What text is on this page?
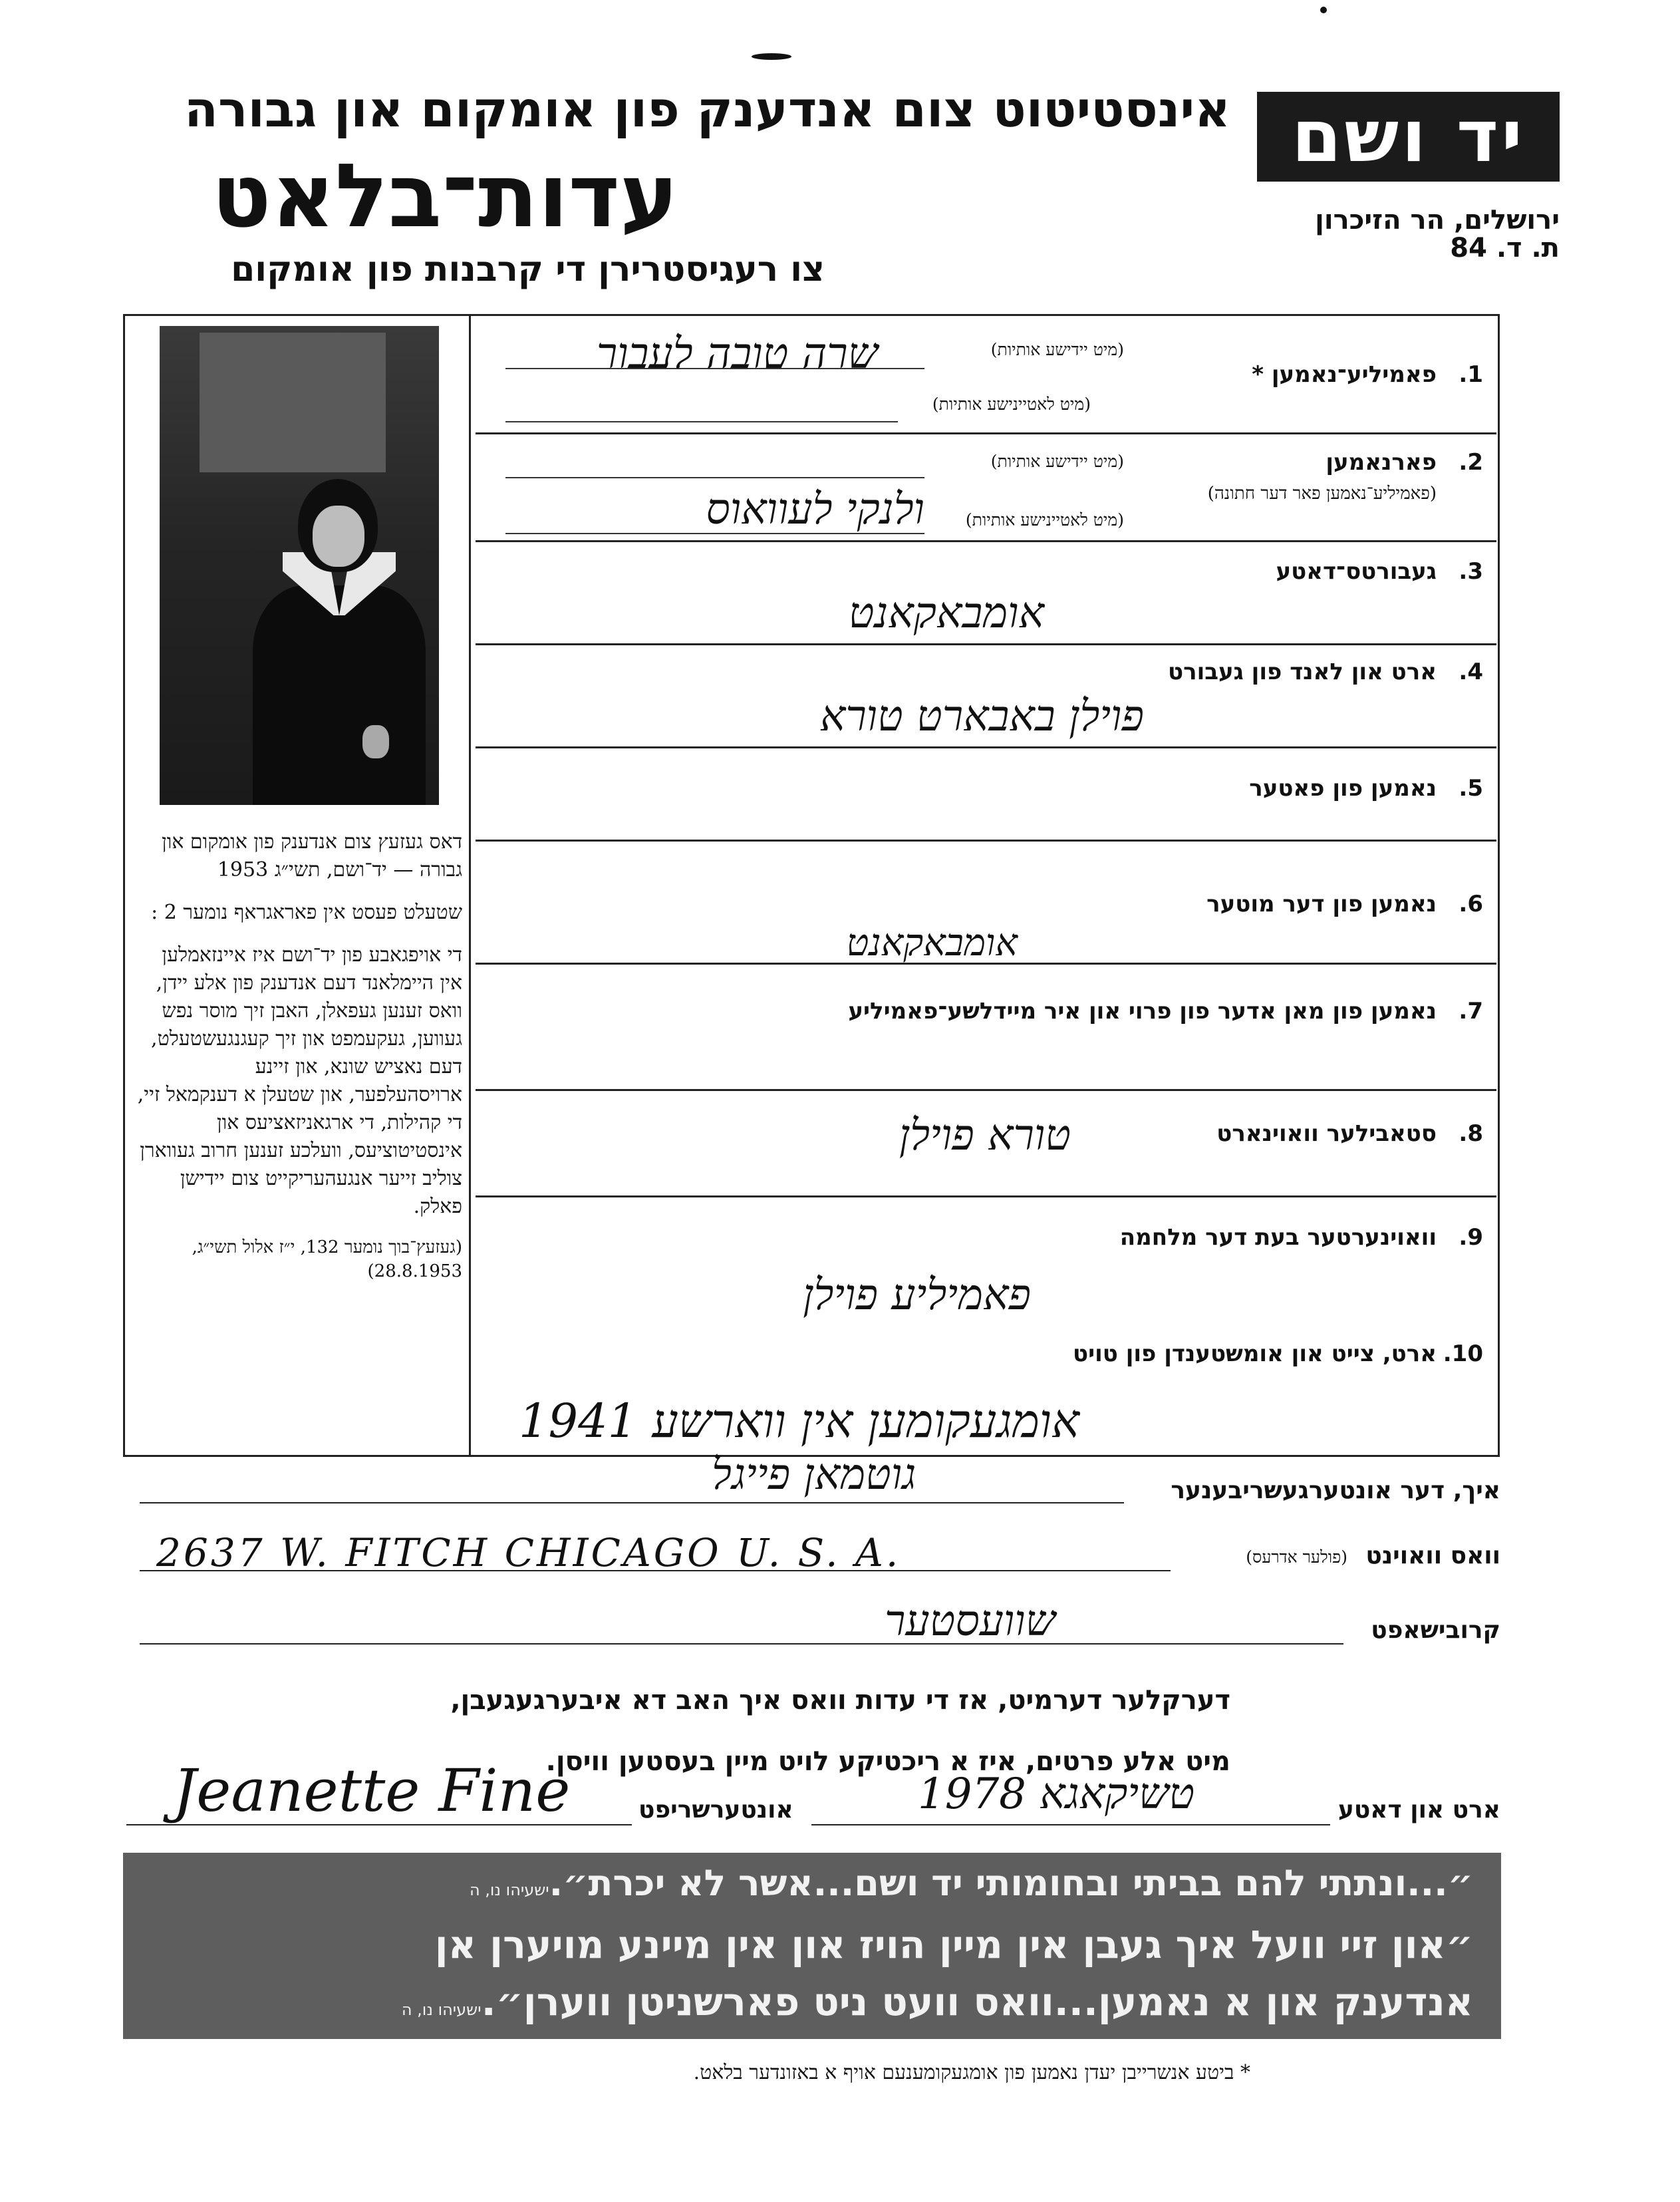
אינסטיטוט צום אנדענק פון אומקום און גבורה
עדות־בלאט
צו רעגיסטרירן די קרבנות פון אומקום
יד ושם
ירושלים, הר הזיכרון
ת. ד. 84

דאס געזעץ צום אנדענק פון אומקום און גבורה — יד־ושם, תשי״ג 1953

שטעלט פעסט אין פאראגראף נומער 2 :

די אויפגאבע פון יד־ושם איז איינזאמלען אין היימלאנד דעם אנדענק פון אלע יידן, וואס זענען געפאלן, האבן זיך מוסר נפש געווען, געקעמפט און זיך קעגנגעשטעלט, דעם נאציש שונא, און זיינע ארויסהעלפער, און שטעלן א דענקמאל זיי, די קהילות, די ארגאניזאציעס און אינסטיטוציעס, וועלכע זענען חרוב געווארן צוליב זייער אנגעהעריקייט צום יידישן פאלק.

(געזעץ־בוך נומער 132, י״ז אלול תשי״ג, 28.8.1953)

1.
פאמיליע־נאמען *
(מיט יידישע אותיות)
(מיט לאטיינישע אותיות)
שרה טובה לעבור
2.
פארנאמען
(פאמיליע־נאמען פאר דער חתונה)
(מיט יידישע אותיות)
(מיט לאטיינישע אותיות)
ולנקי לעוואוס
3.
געבורטס־דאטע
אומבאקאנט
4.
ארט און לאנד פון געבורט
פוילן באבארט טורא
5.
נאמען פון פאטער
6.
נאמען פון דער מוטער
אומבאקאנט
7.
נאמען פון מאן אדער פון פרוי און איר מיידלשע־פאמיליע
8.
סטאבילער וואוינארט
טורא פוילן
9.
וואוינערטער בעת דער מלחמה
פאמיליע פוילן
10.
ארט, צייט און אומשטענדן פון טויט
אומגעקומען אין ווארשע 1941
איך, דער אונטערגעשריבענער
גוטמאן פייגל
וואס וואוינט
(פולער אדרעס)
2637 W. FITCH CHICAGO U. S. A.
קרובישאפט
שוועסטער
דערקלער דערמיט, אז די עדות וואס איך האב דא איבערגעגעבן,
מיט אלע פרטים, איז א ריכטיקע לויט מיין בעסטען וויסן.
ארט און דאטע
טשיקאגא 1978
אונטערשריפט
Jeanette Fine
״...ונתתי להם בביתי ובחומותי יד ושם...אשר לא יכרת״.ישעיהו נו, ה
״און זיי וועל איך געבן אין מיין הויז און אין מיינע מויערן אן
אנדענק און א נאמען...וואס וועט ניט פארשניטן ווערן״.ישעיהו נו, ה
* ביטע אנשרייבן יעדן נאמען פון אומגעקומענעם אויף א באזונדער בלאט.
